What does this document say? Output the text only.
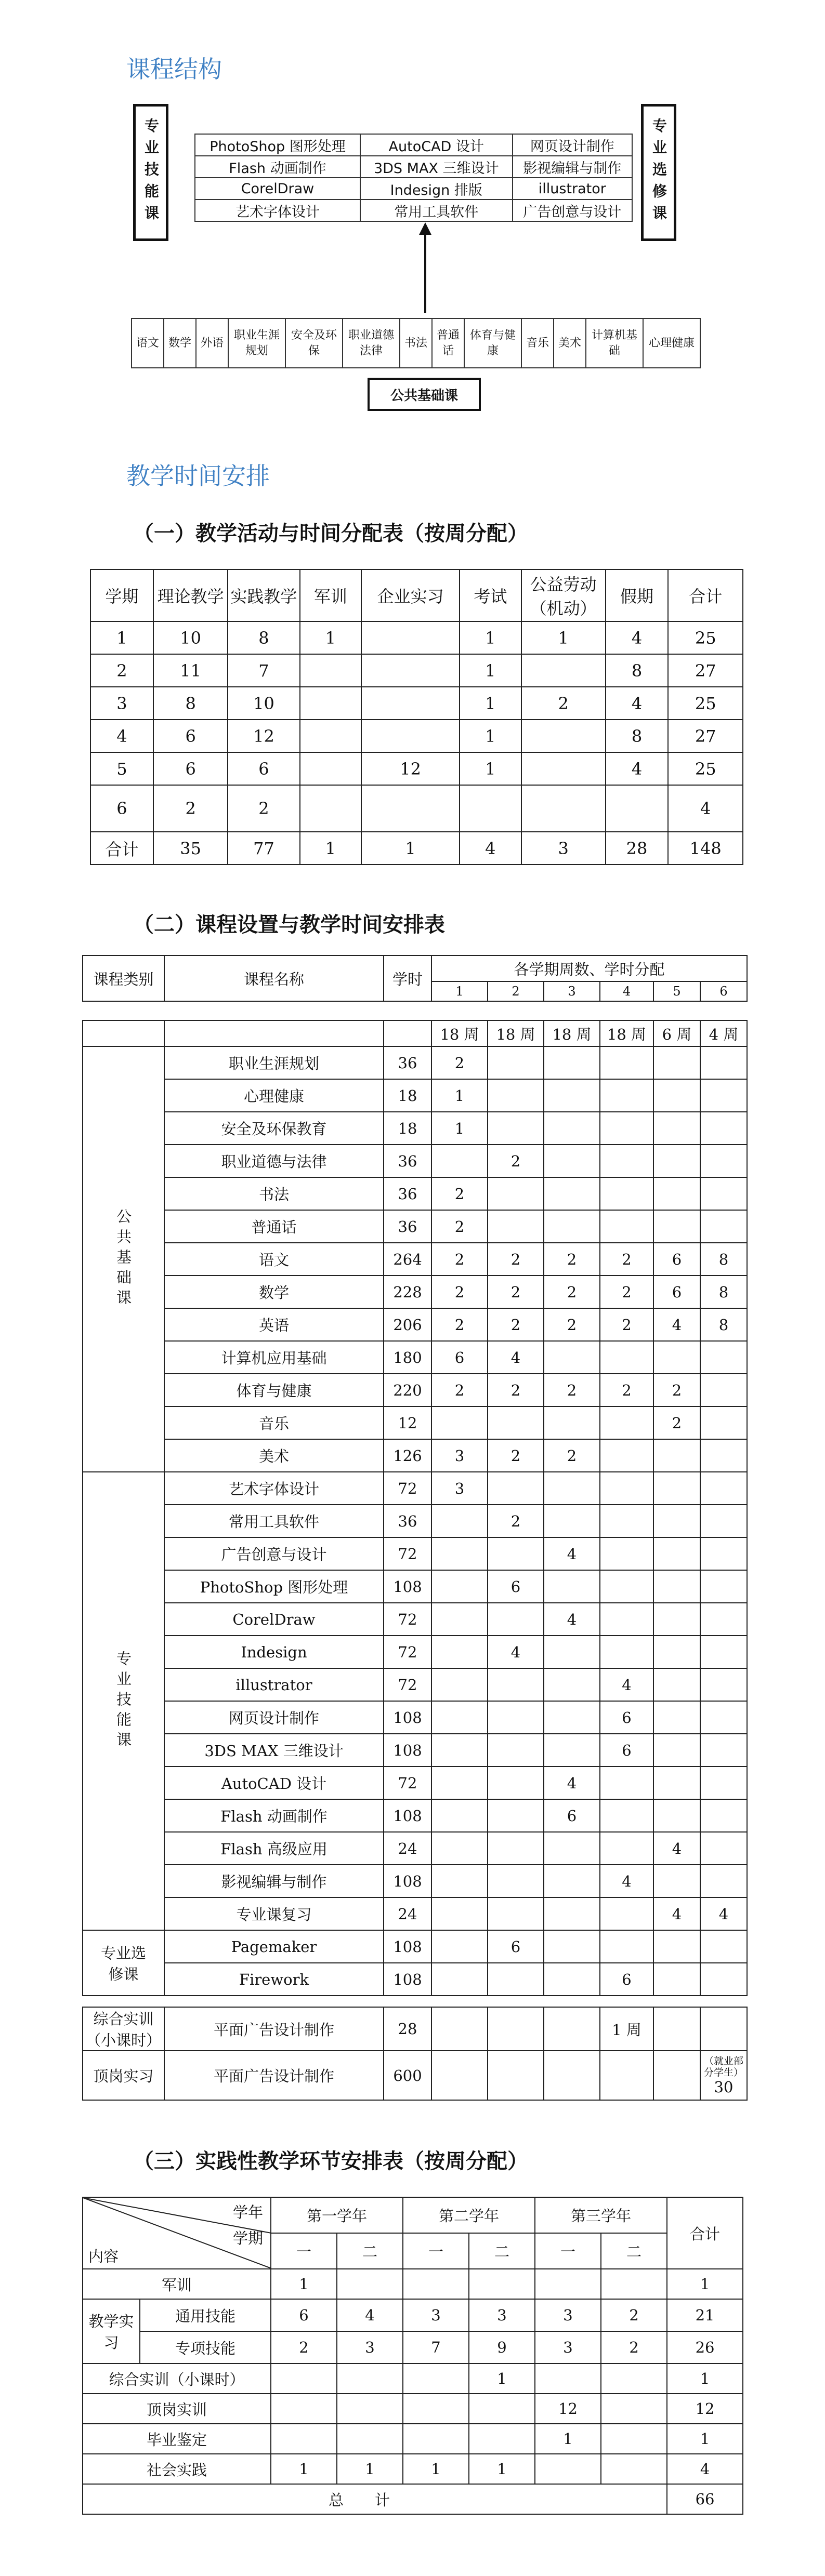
课程结构
专业技能课	专业选修课
PhotoShop 图形处理	AutoCAD 设计	网页设计制作
Flash 动画制作	3DS MAX 三维设计	影视编辑与制作
CorelDraw	Indesign 排版	illustrator
艺术字体设计	常用工具软件	广告创意与设计
语文	数学	外语	职业生涯规划	安全及环保	职业道德法律	书法	普通话	体育与健康	音乐	美术	计算机基础	心理健康
公共基础课
教学时间安排
（一）教学活动与时间分配表（按周分配）
学期	理论教学	实践教学	军训	企业实习	考试	公益劳动（机动）	假期	合计
1	10	8	1		1	1	4	25
2	11	7			1		8	27
3	8	10			1	2	4	25
4	6	12			1		8	27
5	6	6		12	1		4	25
6	2	2						4
合计	35	77	1	1	4	3	28	148
（二）课程设置与教学时间安排表
课程类别	课程名称	学时	各学期周数、学时分配					
			1	2	3	4	5	6
			18 周	18 周	18 周	18 周	6 周	4 周
公共基础课	职业生涯规划	36	2					
	心理健康	18	1					
	安全及环保教育	18	1					
	职业道德与法律	36		2				
	书法	36	2					
	普通话	36	2					
	语文	264	2	2	2	2	6	8
	数学	228	2	2	2	2	6	8
	英语	206	2	2	2	2	4	8
	计算机应用基础	180	6	4				
	体育与健康	220	2	2	2	2	2	
	音乐	12					2	
	美术	126	3	2	2			
专业技能课	艺术字体设计	72	3					
	常用工具软件	36		2				
	广告创意与设计	72			4			
	PhotoShop 图形处理	108		6				
	CorelDraw	72			4			
	Indesign	72		4				
	illustrator	72				4		
	网页设计制作	108				6		
	3DS MAX 三维设计	108				6		
	AutoCAD 设计	72			4			
	Flash 动画制作	108			6			
	Flash 高级应用	24					4	
	影视编辑与制作	108				4		
	专业课复习	24					4	4
专业选修课	Pagemaker	108		6				
	Firework	108				6		
综合实训（小课时）	平面广告设计制作	28				1 周		
顶岗实习	平面广告设计制作	600						（就业部分学生）
30
（三）实践性教学环节安排表（按周分配）
学年
学期
内容		第一学年		第二学年		第三学年		合计
		一	二	一	二	一	二	
军训		1						1
教学实习	通用技能	6	4	3	3	3	2	21
	专项技能	2	3	7	9	3	2	26
综合实训（小课时）					1			1
顶岗实训						12		12
毕业鉴定						1		1
社会实践		1	1	1	1			4
总计								66
